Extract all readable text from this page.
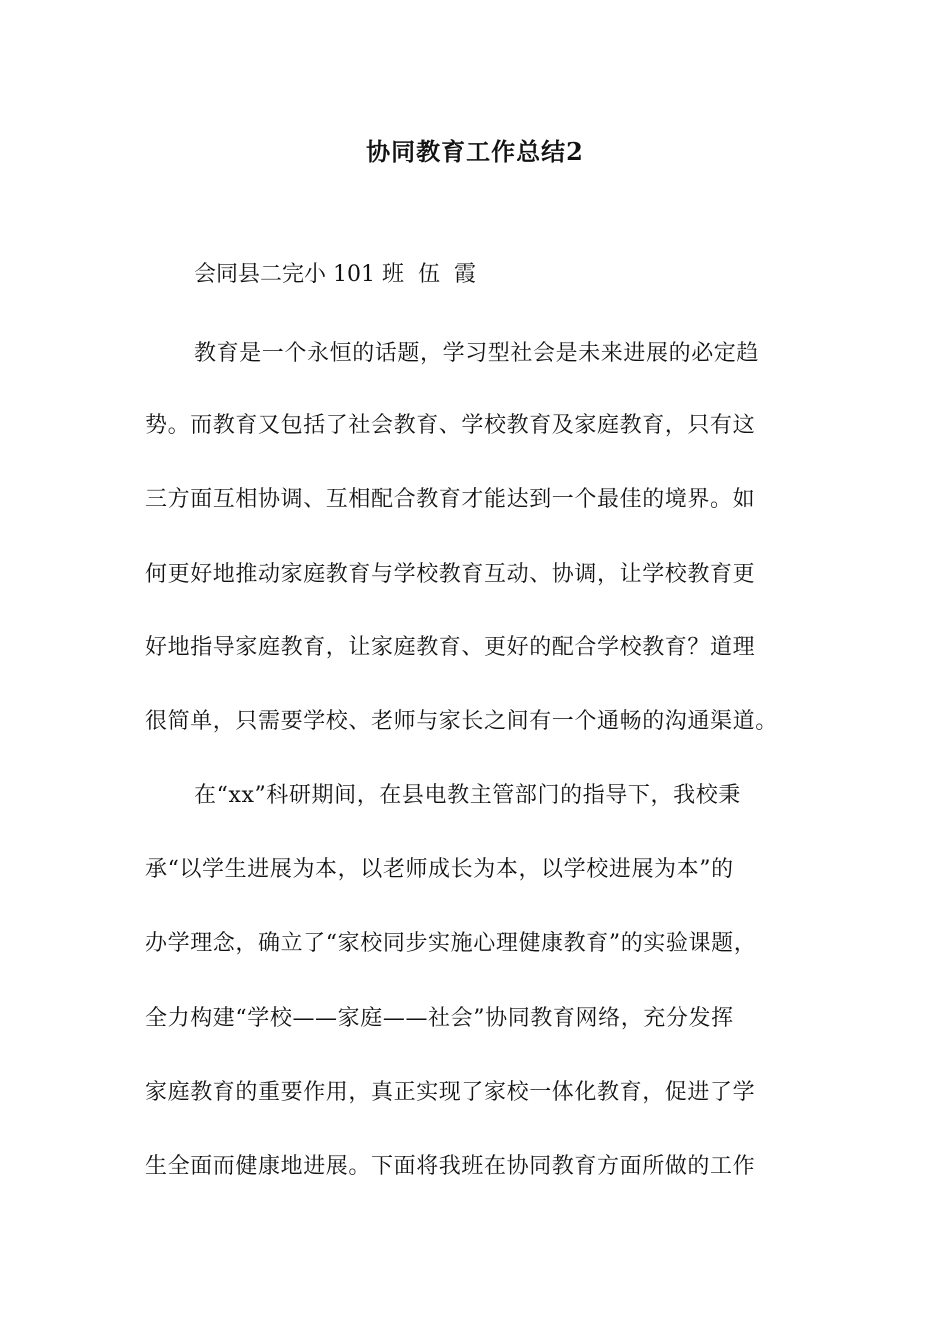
协同教育工作总结2
会同县二完小 101 班  伍  霞
教育是一个永恒的话题，学习型社会是未来进展的必定趋
势。而教育又包括了社会教育、学校教育及家庭教育，只有这
三方面互相协调、互相配合教育才能达到一个最佳的境界。如
何更好地推动家庭教育与学校教育互动、协调，让学校教育更
好地指导家庭教育，让家庭教育、更好的配合学校教育？道理
很简单，只需要学校、老师与家长之间有一个通畅的沟通渠道。
在“xx”科研期间，在县电教主管部门的指导下，我校秉
承“以学生进展为本，以老师成长为本，以学校进展为本”的
办学理念，确立了“家校同步实施心理健康教育”的实验课题，
全力构建“学校——家庭——社会”协同教育网络，充分发挥
家庭教育的重要作用，真正实现了家校一体化教育，促进了学
生全面而健康地进展。下面将我班在协同教育方面所做的工作
